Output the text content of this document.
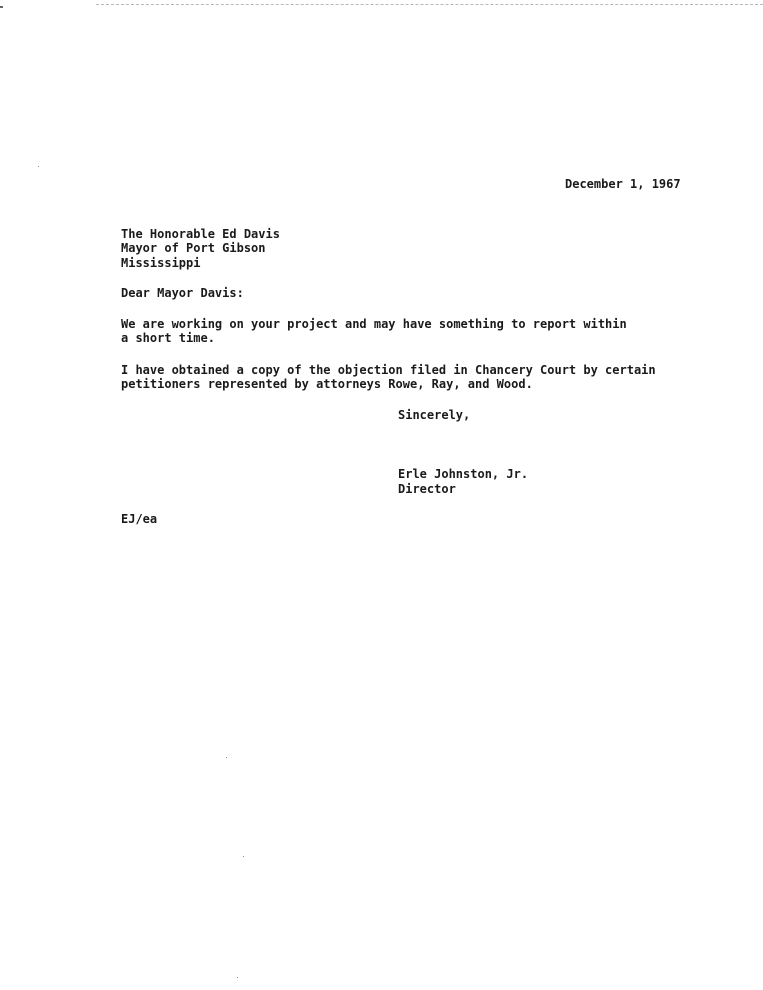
December 1, 1967
The Honorable Ed Davis
Mayor of Port Gibson
Mississippi
Dear Mayor Davis:
We are working on your project and may have something to report within
a short time.
I have obtained a copy of the objection filed in Chancery Court by certain
petitioners represented by attorneys Rowe, Ray, and Wood.
Sincerely,
Erle Johnston, Jr.
Director
EJ/ea
